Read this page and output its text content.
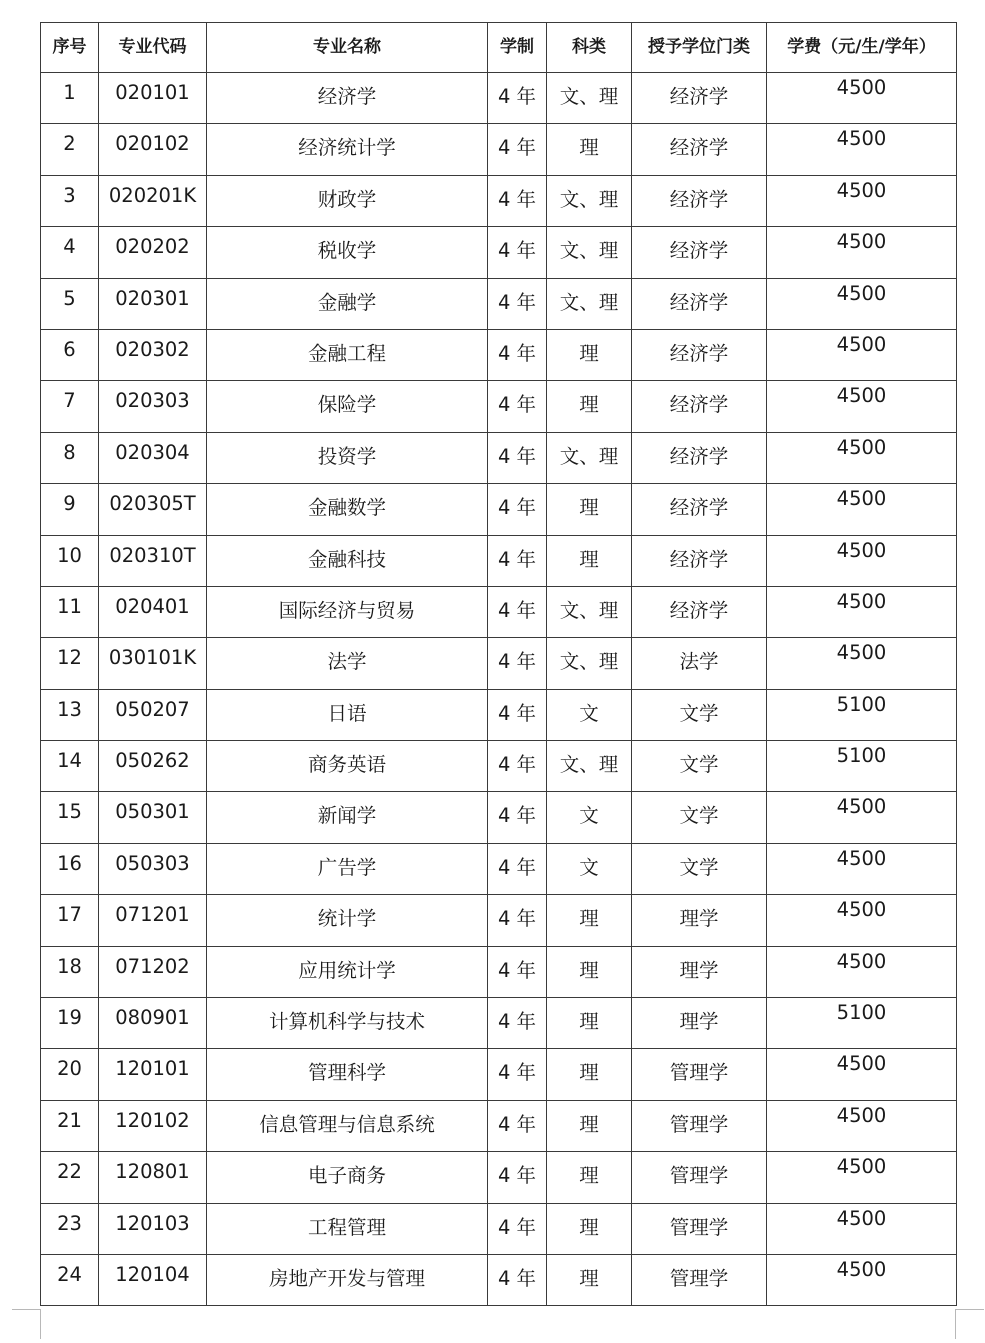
序号	专业代码	专业名称	学制	科类	授予学位门类	学费（元/生/学年）
1	020101	经济学	4 年	文、理	经济学	4500
2	020102	经济统计学	4 年	理	经济学	4500
3	020201K	财政学	4 年	文、理	经济学	4500
4	020202	税收学	4 年	文、理	经济学	4500
5	020301	金融学	4 年	文、理	经济学	4500
6	020302	金融工程	4 年	理	经济学	4500
7	020303	保险学	4 年	理	经济学	4500
8	020304	投资学	4 年	文、理	经济学	4500
9	020305T	金融数学	4 年	理	经济学	4500
10	020310T	金融科技	4 年	理	经济学	4500
11	020401	国际经济与贸易	4 年	文、理	经济学	4500
12	030101K	法学	4 年	文、理	法学	4500
13	050207	日语	4 年	文	文学	5100
14	050262	商务英语	4 年	文、理	文学	5100
15	050301	新闻学	4 年	文	文学	4500
16	050303	广告学	4 年	文	文学	4500
17	071201	统计学	4 年	理	理学	4500
18	071202	应用统计学	4 年	理	理学	4500
19	080901	计算机科学与技术	4 年	理	理学	5100
20	120101	管理科学	4 年	理	管理学	4500
21	120102	信息管理与信息系统	4 年	理	管理学	4500
22	120801	电子商务	4 年	理	管理学	4500
23	120103	工程管理	4 年	理	管理学	4500
24	120104	房地产开发与管理	4 年	理	管理学	4500
